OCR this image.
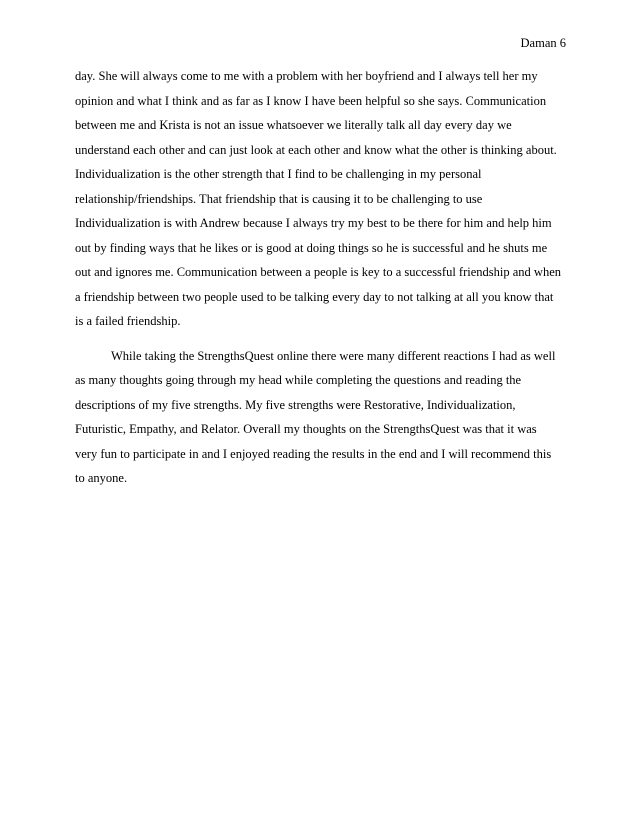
Daman 6
day. She will always come to me with a problem with her boyfriend and I always tell her my
opinion and what I think and as far as I know I have been helpful so she says. Communication
between me and Krista is not an issue whatsoever we literally talk all day every day we
understand each other and can just look at each other and know what the other is thinking about.
Individualization is the other strength that I find to be challenging in my personal
relationship/friendships. That friendship that is causing it to be challenging to use
Individualization is with Andrew because I always try my best to be there for him and help him
out by finding ways that he likes or is good at doing things so he is successful and he shuts me
out and ignores me. Communication between a people is key to a successful friendship and when
a friendship between two people used to be talking every day to not talking at all you know that
is a failed friendship.
While taking the StrengthsQuest online there were many different reactions I had as well
as many thoughts going through my head while completing the questions and reading the
descriptions of my five strengths. My five strengths were Restorative, Individualization,
Futuristic, Empathy, and Relator. Overall my thoughts on the StrengthsQuest was that it was
very fun to participate in and I enjoyed reading the results in the end and I will recommend this
to anyone.
